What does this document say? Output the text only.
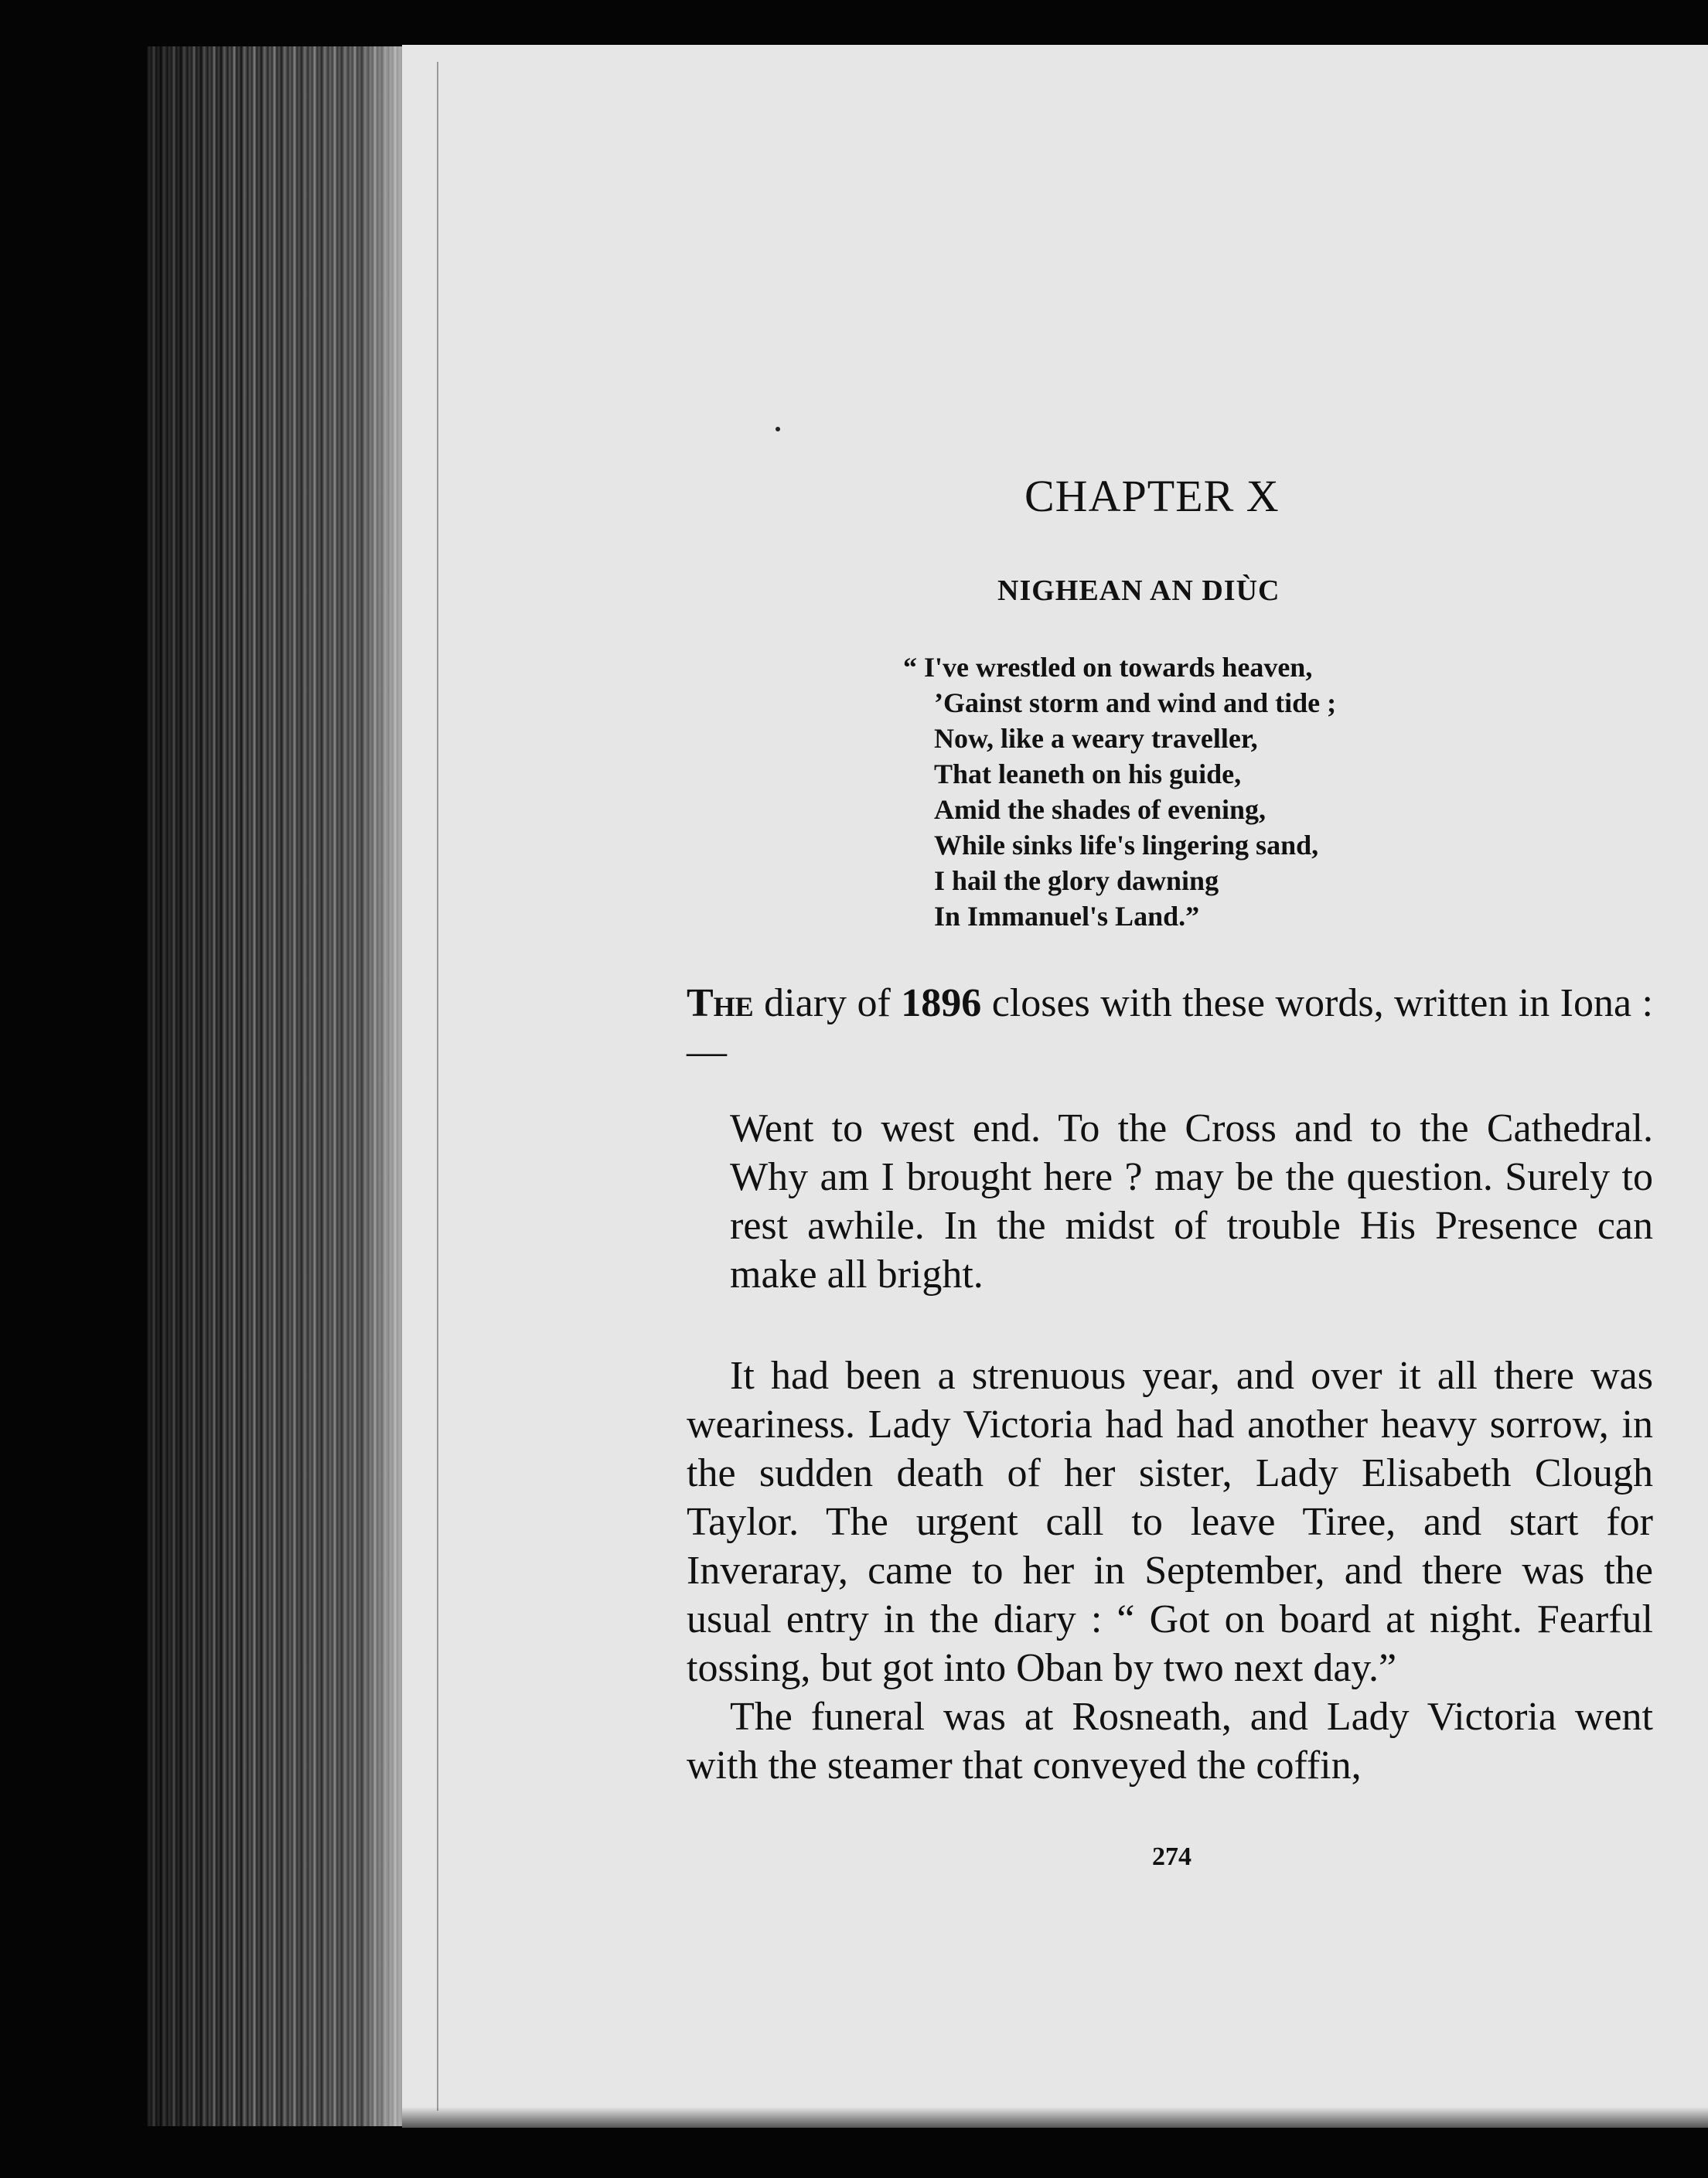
CHAPTER X
NIGHEAN AN DIÙC
“ I've wrestled on towards heaven,
’Gainst storm and wind and tide ;
Now, like a weary traveller,
That leaneth on his guide,
Amid the shades of evening,
While sinks life's lingering sand,
I hail the glory dawning
In Immanuel's Land.”

The diary of 1896 closes with these words, written in Iona :—

Went to west end. To the Cross and to the Cathedral. Why am I brought here ? may be the question. Surely to rest awhile. In the midst of trouble His Presence can make all bright.

It had been a strenuous year, and over it all there was weariness. Lady Victoria had had another heavy sorrow, in the sudden death of her sister, Lady Elisabeth Clough Taylor. The urgent call to leave Tiree, and start for Inveraray, came to her in September, and there was the usual entry in the diary : “ Got on board at night. Fearful tossing, but got into Oban by two next day.”

The funeral was at Rosneath, and Lady Victoria went with the steamer that conveyed the coffin,

274
